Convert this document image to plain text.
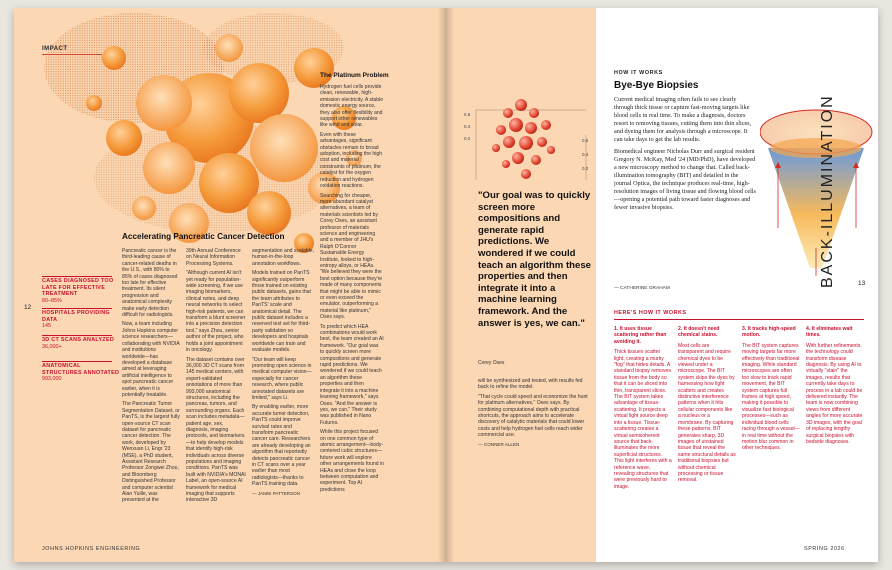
IMPACT
CASES DIAGNOSED TOO LATE FOR EFFECTIVE TREATMENT
80–85%
HOSPITALS PROVIDING DATA
145
3D CT SCANS ANALYZED
36,000+
ANATOMICAL STRUCTURES ANNOTATED
993,000
12
Accelerating Pancreatic Cancer Detection

Pancreatic cancer is the third-leading cause of cancer-related deaths in the U.S., with 80% to 85% of cases diagnosed too late for effective treatment. Its silent progression and anatomical complexity make early detection difficult for radiologists.

Now, a team including Johns Hopkins computer science researchers—collaborating with NVIDIA and institutions worldwide—has developed a database aimed at leveraging artificial intelligence to spot pancreatic cancer earlier, when it is potentially treatable.

The Pancreatic Tumor Segmentation Dataset, or PanTS, is the largest fully open-source CT scan dataset for pancreatic cancer detection. The work, developed by Wenxuan Li, Engr '23 (MSE), a PhD student, Assistant Research Professor Zongwei Zhou, and Bloomberg Distinguished Professor and computer scientist Alan Yuille, was presented at the

39th Annual Conference on Neural Information Processing Systems.

"Although current AI isn't yet ready for population-wide screening, if we use imaging biomarkers, clinical notes, and deep neural networks to select high-risk patients, we can transform a blunt screener into a precision detection tool," says Zhou, senior author of the project, who holds a joint appointment in oncology.

The dataset contains over 36,000 3D CT scans from 145 medical centers, with expert-validated annotations of more than 993,000 anatomical structures, including the pancreas, tumors, and surrounding organs. Each scan includes metadata—patient age, sex, diagnosis, imaging protocols, and biomarkers—to help develop models that identify high-risk individuals across diverse populations and imaging conditions. PanTS was built with NVIDIA's MONAI Label, an open-source AI framework for medical imaging that supports interactive 3D

segmentation and scalable, human-in-the-loop annotation workflows.

Models trained on PanTS significantly outperform those trained on existing public datasets, gains that the team attributes to PanTS' scale and anatomical detail. The public dataset includes a reserved test set for third-party validation so developers and hospitals worldwide can train and evaluate models.

"Our team will keep promoting open science in medical computer vision—especially for cancer research, where public annotated datasets are limited," says Li.

By enabling earlier, more accurate tumor detection, PanTS could improve survival rates and transform pancreatic cancer care. Researchers are already developing an algorithm that reportedly detects pancreatic cancer in CT scans over a year earlier than most radiologists—thanks to PanTS training data.

— JAMIE PATTERSON

The Platinum Problem

Hydrogen fuel cells provide clean, renewable, high-emission electricity. A stable domestic energy source, they also offer flexibility and support other renewables like wind and solar.

Even with these advantages, significant obstacles remain to broad adoption, including the high cost and material constraints of platinum, the catalyst for the oxygen reduction and hydrogen oxidation reactions.

Searching for cheaper, more abundant catalyst alternatives, a team of materials scientists led by Corey Oses, an assistant professor of materials science and engineering and a member of JHU's Ralph O'Connor Sustainable Energy Institute, looked to high-entropy alloys, or HEAs. "We believed they were the best option because they're made of many components that might be able to mimic or even exceed the emulator, outperforming a material like platinum," Oses says.

To predict which HEA combinations would work best, the team created an AI framework. "Our goal was to quickly screen more compositions and generate rapid predictions. We wondered if we could teach an algorithm these properties and then integrate it into a machine learning framework," says Oses. "And the answer is yes, we can." Their study was published in Nano Futures.

While this project focused on one common type of atomic arrangement—body-centered cubic structures—future work will explore other arrangements found in HEAs and close the loop between computation and experiment. Top AI predictions

JOHNS HOPKINS ENGINEERING
0.6
0.4
0.2	0.6
0.4
0.2
"Our goal was to quickly screen more compositions and generate rapid predictions. We wondered if we could teach an algorithm these properties and then integrate it into a machine learning framework. And the answer is yes, we can."
Corey Oses

will be synthesized and tested, with results fed back to refine the model.

"That cycle could speed and economize the hunt for platinum alternatives," Oses says. By combining computational depth with practical shortcuts, the approach aims to accelerate discovery of catalytic materials that could lower costs and help hydrogen fuel cells reach wider commercial use.

— CONNER ALLEN

HOW IT WORKS
Bye-Bye Biopsies

Current medical imaging often fails to see clearly through thick tissue or capture fast-moving targets like blood cells in real time. To make a diagnosis, doctors resort to removing tissues, cutting them into thin slices, and dyeing them for analysis through a microscope. It can take days to get the lab results.

Biomedical engineer Nicholas Durr and surgical resident Gregory N. McKay, Med '24 (MD/PhD), have developed a new microscopy method to change that. Called back-illumination tomography (BIT) and detailed in the journal Optica, the technique produces real-time, high-resolution images of living tissue and flowing blood cells—opening a potential path toward faster diagnoses and fewer invasive biopsies.

— CATHERINE GRAHAM
BACK-ILLUMINATION	13
HERE'S HOW IT WORKS
1. It uses tissue scattering rather than avoiding it.
Thick tissues scatter light, creating a murky "fog" that hides details. A standard biopsy removes tissue from the body so that it can be sliced into thin, transparent slices. The BIT system takes advantage of tissue-scattering. It projects a virtual light source deep into a tissue. Tissue-scattering creates a virtual semicoherent source that back-illuminates the more superficial structures. This light interferes with a reference wave, revealing structures that were previously hard to image.
2. It doesn't need chemical stains.
Most cells are transparent and require chemical dyes to be viewed under a microscope. The BIT system skips the dyes by harnessing how light scatters and creates distinctive interference patterns when it hits cellular components like a nucleus or a membrane. By capturing these patterns, BIT generates sharp, 3D images of unstained tissue that reveal the same structural details as traditional biopsies but without chemical processing or tissue removal.
3. It tracks high-speed motion.
The BIT system captures moving targets far more effectively than traditional imaging. While standard microscopes are often too slow to track rapid movement, the BIT system captures full frames at high speed, making it possible to visualize fast biological processes—such as individual blood cells racing through a vessel—in real time without the motion blur common in other techniques.
4. It eliminates wait times.
With further refinements, the technology could transform disease diagnosis. By using AI to virtually "stain" the images, results that currently take days to process in a lab could be delivered instantly. The team is now combining views from different angles for more accurate 3D images, with the goal of replacing lengthy surgical biopsies with bedside diagnoses.
SPRING 2026
